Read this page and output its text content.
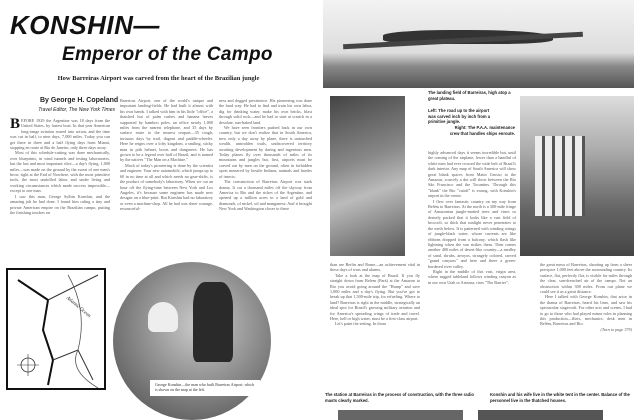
KONSHIN—
Emperor of the Campo
How Barreiras Airport was carved from the heart of the Brazilian jungle
By George H. Copeland
Travel Editor, The New York Times
B EFORE 1929 the Argentine was 18 days from the United States, by fastest boat. In that year American long-range aviation roared into action, and the time was cut in half, to nine days, 7,000 miles. Today you can get there in three and a half flying days from Miami, stopping en route at Rio de Janeiro, only three days away.

Most of this schedule-cutting was done mechanically, over blueprints, in wind tunnels and testing laboratories, but the last and most important slice—a day's flying, 1,000 miles—was made on the ground by the sweat of one man's brow, right at the End of Nowhere, with the most primitive tools, the most unskilled labor, and under living and working circumstances which made success impossible—except to one man.

I saw this man, George Sylbin Konshin, and the amazing job he had done. I found him ruling a tiny and private American empire on the Brazilian campo, putting the finishing touches on

Barreiras Airport, one of the world's unique and important landing-fields. He had built it almost with his own hands. I talked with him in his little "office", a thatched hut of palm rushes and banana leaves supported by bamboo poles, an office nearly 1,000 miles from the nearest telephone, and 35 days by surface route to the nearest seaport—35 tough, tortuous days by trail, dugout and paddle-wheeler. Here he reigns over a lofty kingdom, a smiling, sticky man in pith helmet, boots and dungarees. He has grown to be a legend over half of Brazil, and is named by the natives "The Man on a Machine."

Much of today's pioneering is done by the scientist and engineer. Your new automobile, which jumps up to 60 in no time at all and which needs no gear-shifts, is the product of somebody's laboratory. When we cut an hour off the flying-time between New York and Los Angeles, it's because some engineer has made new designs on a blue-print. But Konshin had no laboratory or even a machine-shop. All he had was sheer courage, resourceful-

ness and dogged persistence. His pioneering was done the hard way. He had to find and train his own labor, dig for drinking water, make his own bricks, blast through solid rock—and he had to start at scratch in a desolate, sun-baked land.

We have seen frontiers pushed back in our own country, but we don't realize that in South America, now only a day away by plane, there is untouched wealth, untrodden trails, undiscovered territory awaiting development by daring and ingenious men. Today planes fly over thousands of miles of its mountains and jungles but, first, airports must be carved out by men on the ground, often in forbidden spots menaced by hostile Indians, animals and hordes of insects.

The construction of Barreiras Airport was stark drama. It cut a thousand miles off the skyway from America to Rio and the riches of the Argentine, and opened up a million acres in a land of gold and diamonds, of nickel, oil and manganese. And it brought New York and Washington closer to these

Atlantic Ocean
George Konshin—the man who built Barreiras Airport, which is shown on the map at the left.
The landing field of Barreiras, high atop a great plateau.
Left: The road up to the airport was carved inch by inch from a primitive jungle.
Right: The P.A.A. maintenance crew that handles ships enroute.

highly advanced days it seems incredible but, until the coming of the airplane, fewer than a handful of white men had ever crossed the wide belt of Brazil's dark interior. Any map of South America will show great blank spaces from Matto Grosso to the Amazon, scarcely a dot will show between the Rio São Francisco and the Tocantins. Through this "blank" the Rio "cutoff" is swung, with Konshin's airport in the center.

I flew over fantastic country on my way from Belém to Barreiras. At the north is a 300-mile fringe of Amazonian jungle-matted trees and vines so densely packed that it looks like a vast field of broccoli, so thick that sunlight never penetrates to the earth below. It is patterned with winding strings of jungle-black water, whose currents are like ribbons dropped from a balcony, which flash like lightning when the sun strikes them. Then comes another 400 miles of desert-like country—a medley of sand, shrubs, arroyos, strangely colored, carved "grand canyons" and here and there a green-bordered river valley.

Right in the middle of this vast, virgin area, where rugged tableland follows winding canyon as in our own Utah or Arizona, rises "The Barrier",

than are Berlin and Rome—an achievement vital in these days of wars and alarms.

Take a look at the map of Brazil. If you fly straight down from Belem (Pará) at the Amazon to Rio you avoid going around the "Hump" and save 1,000 miles and a day's flying. But you've got to break up that 1,500-mile trip, for refueling. Where to land? Barreiras is right in the middle, strategically an ideal spot for Brazil's growing military aviation and for America's spreading wings of trade and travel. Here, hell or high water, must be a first-class airport.

Let's paint the setting. In those

the great mesa of Barreiras, shooting up from a sheer precipice 1,000 feet above the surrounding country. Its surface, flat, perfectly flat, is visible for miles through the clear, sun-drenched air of the campo. Not an obstruction within 300 miles. From our plane we could see it as a great distance.

Here I talked with George Konshin, that actor in the drama of Barreiras, heard his lines, and saw his spectacular stagecraft. For other acts and scenes, I had to go to those who had played minor roles in planning this production—fliers, mechanics, desk men in Belém, Barreiras and Rio.

(Turn to page 379)

The station at Barreiras in the process of construction, with the three radio masts clearly marked.
Konshin and his wife live in the white tent in the center. Balance of the personnel live in the thatched houses.
